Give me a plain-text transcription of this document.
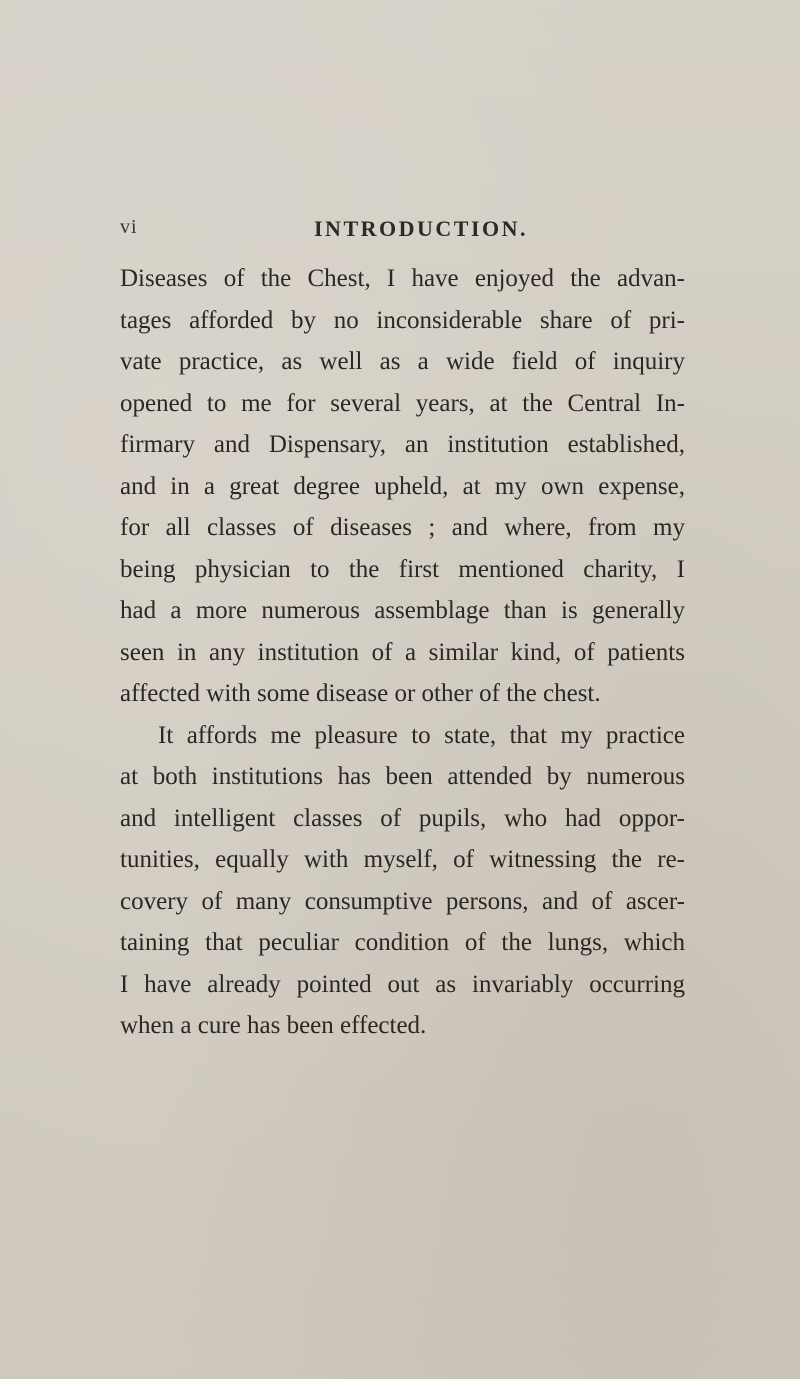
vi	INTRODUCTION.
Diseases of the Chest, I have enjoyed the advan-
tages afforded by no inconsiderable share of pri-
vate practice, as well as a wide field of inquiry
opened to me for several years, at the Central In-
firmary and Dispensary, an institution established,
and in a great degree upheld, at my own expense,
for all classes of diseases ; and where, from my
being physician to the first mentioned charity, I
had a more numerous assemblage than is generally
seen in any institution of a similar kind, of patients
affected with some disease or other of the chest.
It affords me pleasure to state, that my practice
at both institutions has been attended by numerous
and intelligent classes of pupils, who had oppor-
tunities, equally with myself, of witnessing the re-
covery of many consumptive persons, and of ascer-
taining that peculiar condition of the lungs, which
I have already pointed out as invariably occurring
when a cure has been effected.
